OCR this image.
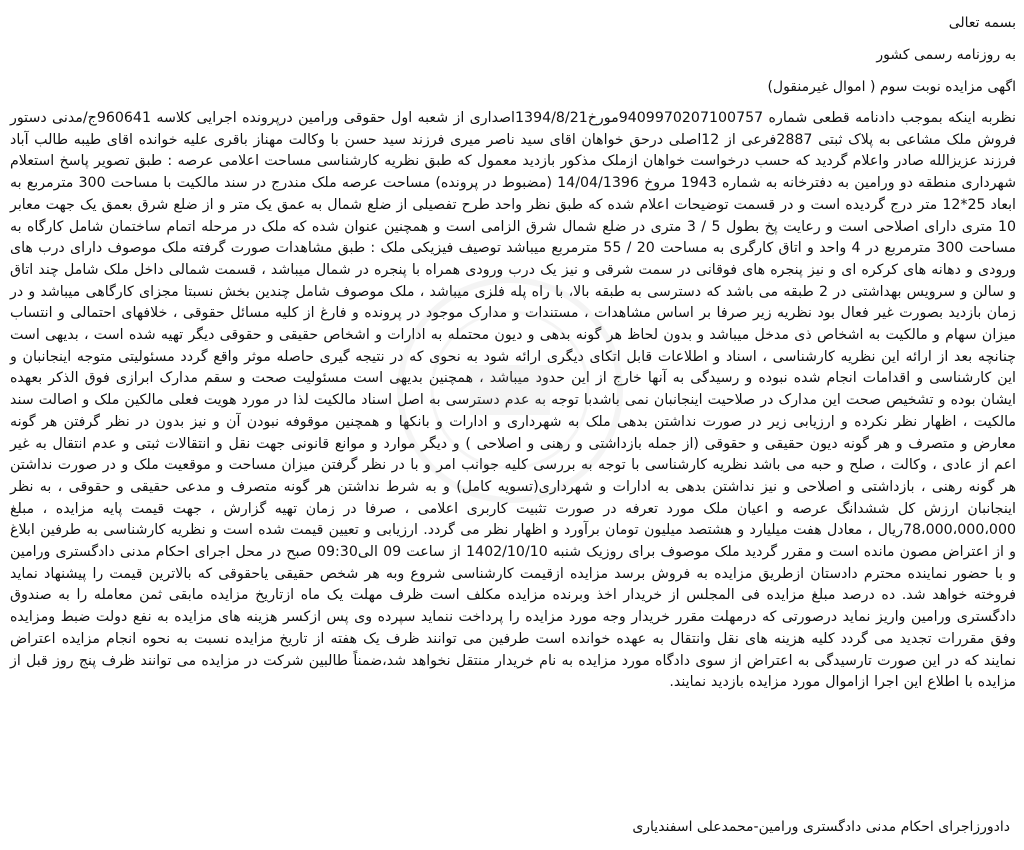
بسمه تعالی

به روزنامه رسمی کشور

اگهی مزایده نوبت سوم ( اموال غیرمنقول)

نظربه اینکه بموجب دادنامه قطعی شماره 9409970207100757مورخ1394/8/21اصداری از شعبه اول حقوقی ورامین درپرونده اجرایی کلاسه 960641ج/مدنی دستور فروش ملک مشاعی به پلاک ثبتی 2887فرعی از 12اصلی درحق خواهان اقای سید ناصر میری فرزند سید حسن با وکالت مهناز باقری علیه خوانده اقای طیبه طالب آباد فرزند عزیزالله صادر واعلام گردید که حسب درخواست خواهان ازملک مذکور بازدید معمول که طبق نظریه کارشناسی مساحت اعلامی عرصه : طبق تصویر پاسخ استعلام شهرداری منطقه دو ورامین به دفترخانه به شماره 1943 مروخ 14/04/1396 (مضبوط در پرونده) مساحت عرصه ملک مندرج در سند مالکیت با مساحت 300 مترمربع به ابعاد 25*12 متر درج گردیده است و در قسمت توضیحات اعلام شده که طبق نظر واحد طرح تفصیلی از ضلع شمال به عمق یک متر و از ضلع شرق بعمق یک جهت معابر 10 متری دارای اصلاحی است و رعایت پخ بطول 5 / 3 متری در ضلع شمال شرق الزامی است و همچنین عنوان شده که ملک در مرحله اتمام ساختمان شامل کارگاه به مساحت 300 مترمربع در 4 واحد و اتاق کارگری به مساحت 20 / 55 مترمربع میباشد توصیف فیزیکی ملک : طبق مشاهدات صورت گرفته ملک موصوف دارای درب های ورودی و دهانه های کرکره ای و نیز پنجره های فوقانی در سمت شرقی و نیز یک درب ورودی همراه با پنجره در شمال میباشد ، قسمت شمالی داخل ملک شامل چند اتاق و سالن و سرویس بهداشتی در 2 طبقه می باشد که دسترسی به طبقه بالا، با راه پله فلزی میباشد ، ملک موصوف شامل چندین بخش نسبتا مجزای کارگاهی میباشد و در زمان بازدید بصورت غیر فعال بود نظریه زیر صرفا بر اساس مشاهدات ، مستندات و مدارک موجود در پرونده و فارغ از کلیه مسائل حقوقی ، خلافهای احتمالی و انتساب میزان سهام و مالکیت به اشخاص ذی مدخل میباشد و بدون لحاظ هر گونه بدهی و دیون محتمله به ادارات و اشخاص حقیقی و حقوقی دیگر تهیه شده است ، بدیهی است چنانچه بعد از ارائه این نظریه کارشناسی ، اسناد و اطلاعات قابل اتکای دیگری ارائه شود به نحوی که در نتیجه گیری حاصله موثر واقع گردد مسئولیتی متوجه اینجانبان و این کارشناسی و اقدامات انجام شده نبوده و رسیدگی به آنها خارج از این حدود میباشد ، همچنین بدیهی است مسئولیت صحت و سقم مدارک ابرازی فوق الذکر بعهده ایشان بوده و تشخیص صحت این مدارک در صلاحیت اینجانبان نمی باشدبا توجه به عدم دسترسی به اصل اسناد مالکیت لذا در مورد هویت فعلی مالکین ملک و اصالت سند مالکیت ، اظهار نظر نکرده و ارزیابی زیر در صورت نداشتن بدهی ملک به شهرداری و ادارات و بانکها و همچنین موقوفه نبودن آن و نیز بدون در نظر گرفتن هر گونه معارض و متصرف و هر گونه دیون حقیقی و حقوقی (از جمله بازداشتی و رهنی و اصلاحی ) و دیگر موارد و موانع قانونی جهت نقل و انتقالات ثبتی و عدم انتقال به غیر اعم از عادی ، وکالت ، صلح و حبه می باشد نظریه کارشناسی با توجه به بررسی کلیه جوانب امر و با در نظر گرفتن میزان مساحت و موقعیت ملک و در صورت نداشتن هر گونه رهنی ، بازداشتی و اصلاحی و نیز نداشتن بدهی به ادارات و شهرداری(تسویه کامل) و به شرط نداشتن هر گونه متصرف و مدعی حقیقی و حقوقی ، به نظر اینجانبان ارزش کل ششدانگ عرصه و اعیان ملک مورد تعرفه در صورت تثبیت کاربری اعلامی ، صرفا در زمان تهیه گزارش ، جهت قیمت پایه مزایده ، مبلغ 78،000،000،000ریال ، معادل هفت میلیارد و هشتصد میلیون تومان برآورد و اظهار نظر می گردد. ارزیابی و تعیین قیمت شده است و نظریه کارشناسی به طرفین ابلاغ و از اعتراض مصون مانده است و مقرر گردید ملک موصوف برای روزیک شنبه 1402/10/10 از ساعت 09 الی09:30 صبح در محل اجرای احکام مدنی دادگستری ورامین و با حضور نماینده محترم دادستان ازطریق مزایده به فروش برسد مزایده ازقیمت کارشناسی شروع وبه هر شخص حقیقی یاحقوقی که بالاترین قیمت را پیشنهاد نماید فروخته خواهد شد. ده درصد مبلغ مزایده فی المجلس از خریدار اخذ وبرنده مزایده مکلف است ظرف مهلت یک ماه ازتاریخ مزایده مابقی ثمن معامله را به صندوق دادگستری ورامین واریز نماید درصورتی که درمهلت مقرر خریدار وجه مورد مزایده را پرداخت ننماید سپرده وی پس ازکسر هزینه های مزایده به نفع دولت ضبط ومزایده وفق مقررات تجدید می گردد کلیه هزینه های نقل وانتقال به عهده خوانده است طرفین می توانند ظرف یک هفته از تاریخ مزایده نسبت به نحوه انجام مزایده اعتراض نمایند که در این صورت تارسیدگی به اعتراض از سوی دادگاه مورد مزایده به نام خریدار منتقل نخواهد شد،ضمناً طالبین شرکت در مزایده می توانند ظرف پنج روز قبل از مزایده با اطلاع این اجرا ازاموال مورد مزایده بازدید نمایند.
دادورزاجرای احکام مدنی دادگستری ورامین-محمدعلی اسفندیاری
